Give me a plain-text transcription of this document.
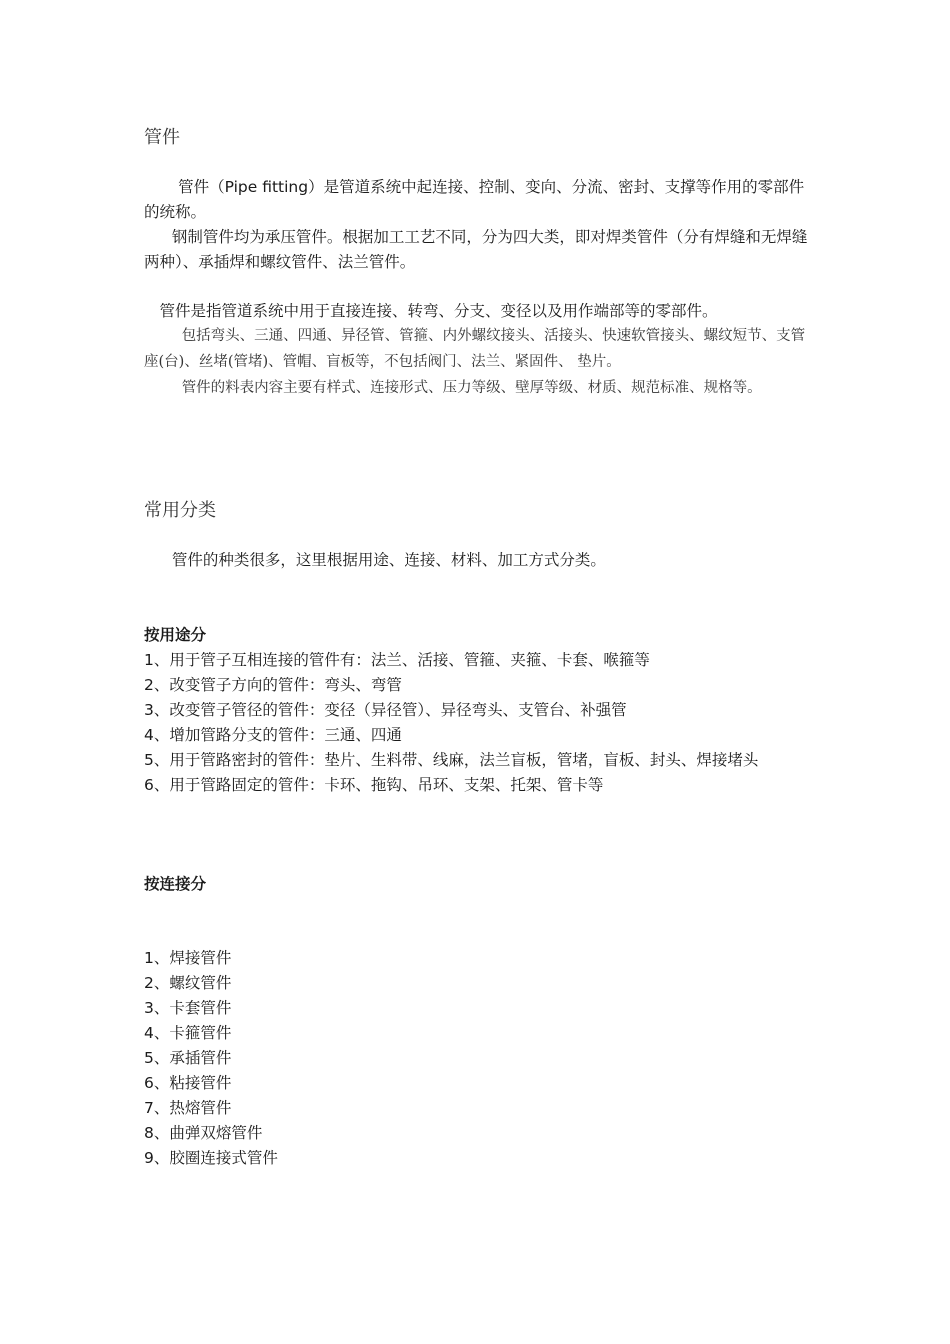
管件

管件（Pipe fitting）是管道系统中起连接、控制、变向、分流、密封、支撑等作用的零部件的统称。

钢制管件均为承压管件。根据加工工艺不同，分为四大类，即对焊类管件（分有焊缝和无焊缝两种）、承插焊和螺纹管件、法兰管件。

管件是指管道系统中用于直接连接、转弯、分支、变径以及用作端部等的零部件。

包括弯头、三通、四通、异径管、管箍、内外螺纹接头、活接头、快速软管接头、螺纹短节、支管座(台)、丝堵(管堵)、管帽、盲板等，不包括阀门、法兰、紧固件、 垫片。

管件的料表内容主要有样式、连接形式、压力等级、壁厚等级、材质、规范标准、规格等。

常用分类

管件的种类很多，这里根据用途、连接、材料、加工方式分类。

按用途分
1、用于管子互相连接的管件有：法兰、活接、管箍、夹箍、卡套、喉箍等
2、改变管子方向的管件：弯头、弯管
3、改变管子管径的管件：变径（异径管）、异径弯头、支管台、补强管
4、增加管路分支的管件：三通、四通
5、用于管路密封的管件：垫片、生料带、线麻，法兰盲板，管堵，盲板、封头、焊接堵头
6、用于管路固定的管件：卡环、拖钩、吊环、支架、托架、管卡等
按连接分
1、焊接管件
2、螺纹管件
3、卡套管件
4、卡箍管件
5、承插管件
6、粘接管件
7、热熔管件
8、曲弹双熔管件
9、胶圈连接式管件
